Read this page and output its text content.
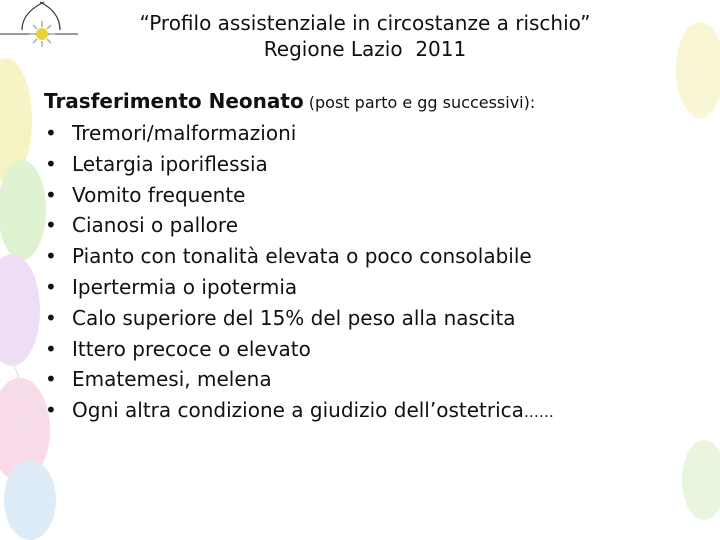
“Profilo assistenziale in circostanze a rischio”
Regione Lazio  2011
Trasferimento Neonato (post parto e gg successivi):
• Tremori/malformazioni
• Letargia iporiflessia
• Vomito frequente
• Cianosi o pallore
• Pianto con tonalità elevata o poco consolabile
• Ipertermia o ipotermia
• Calo superiore del 15% del peso alla nascita
• Ittero precoce o elevato
• Ematemesi, melena
• Ogni altra condizione a giudizio dell’ostetrica……
